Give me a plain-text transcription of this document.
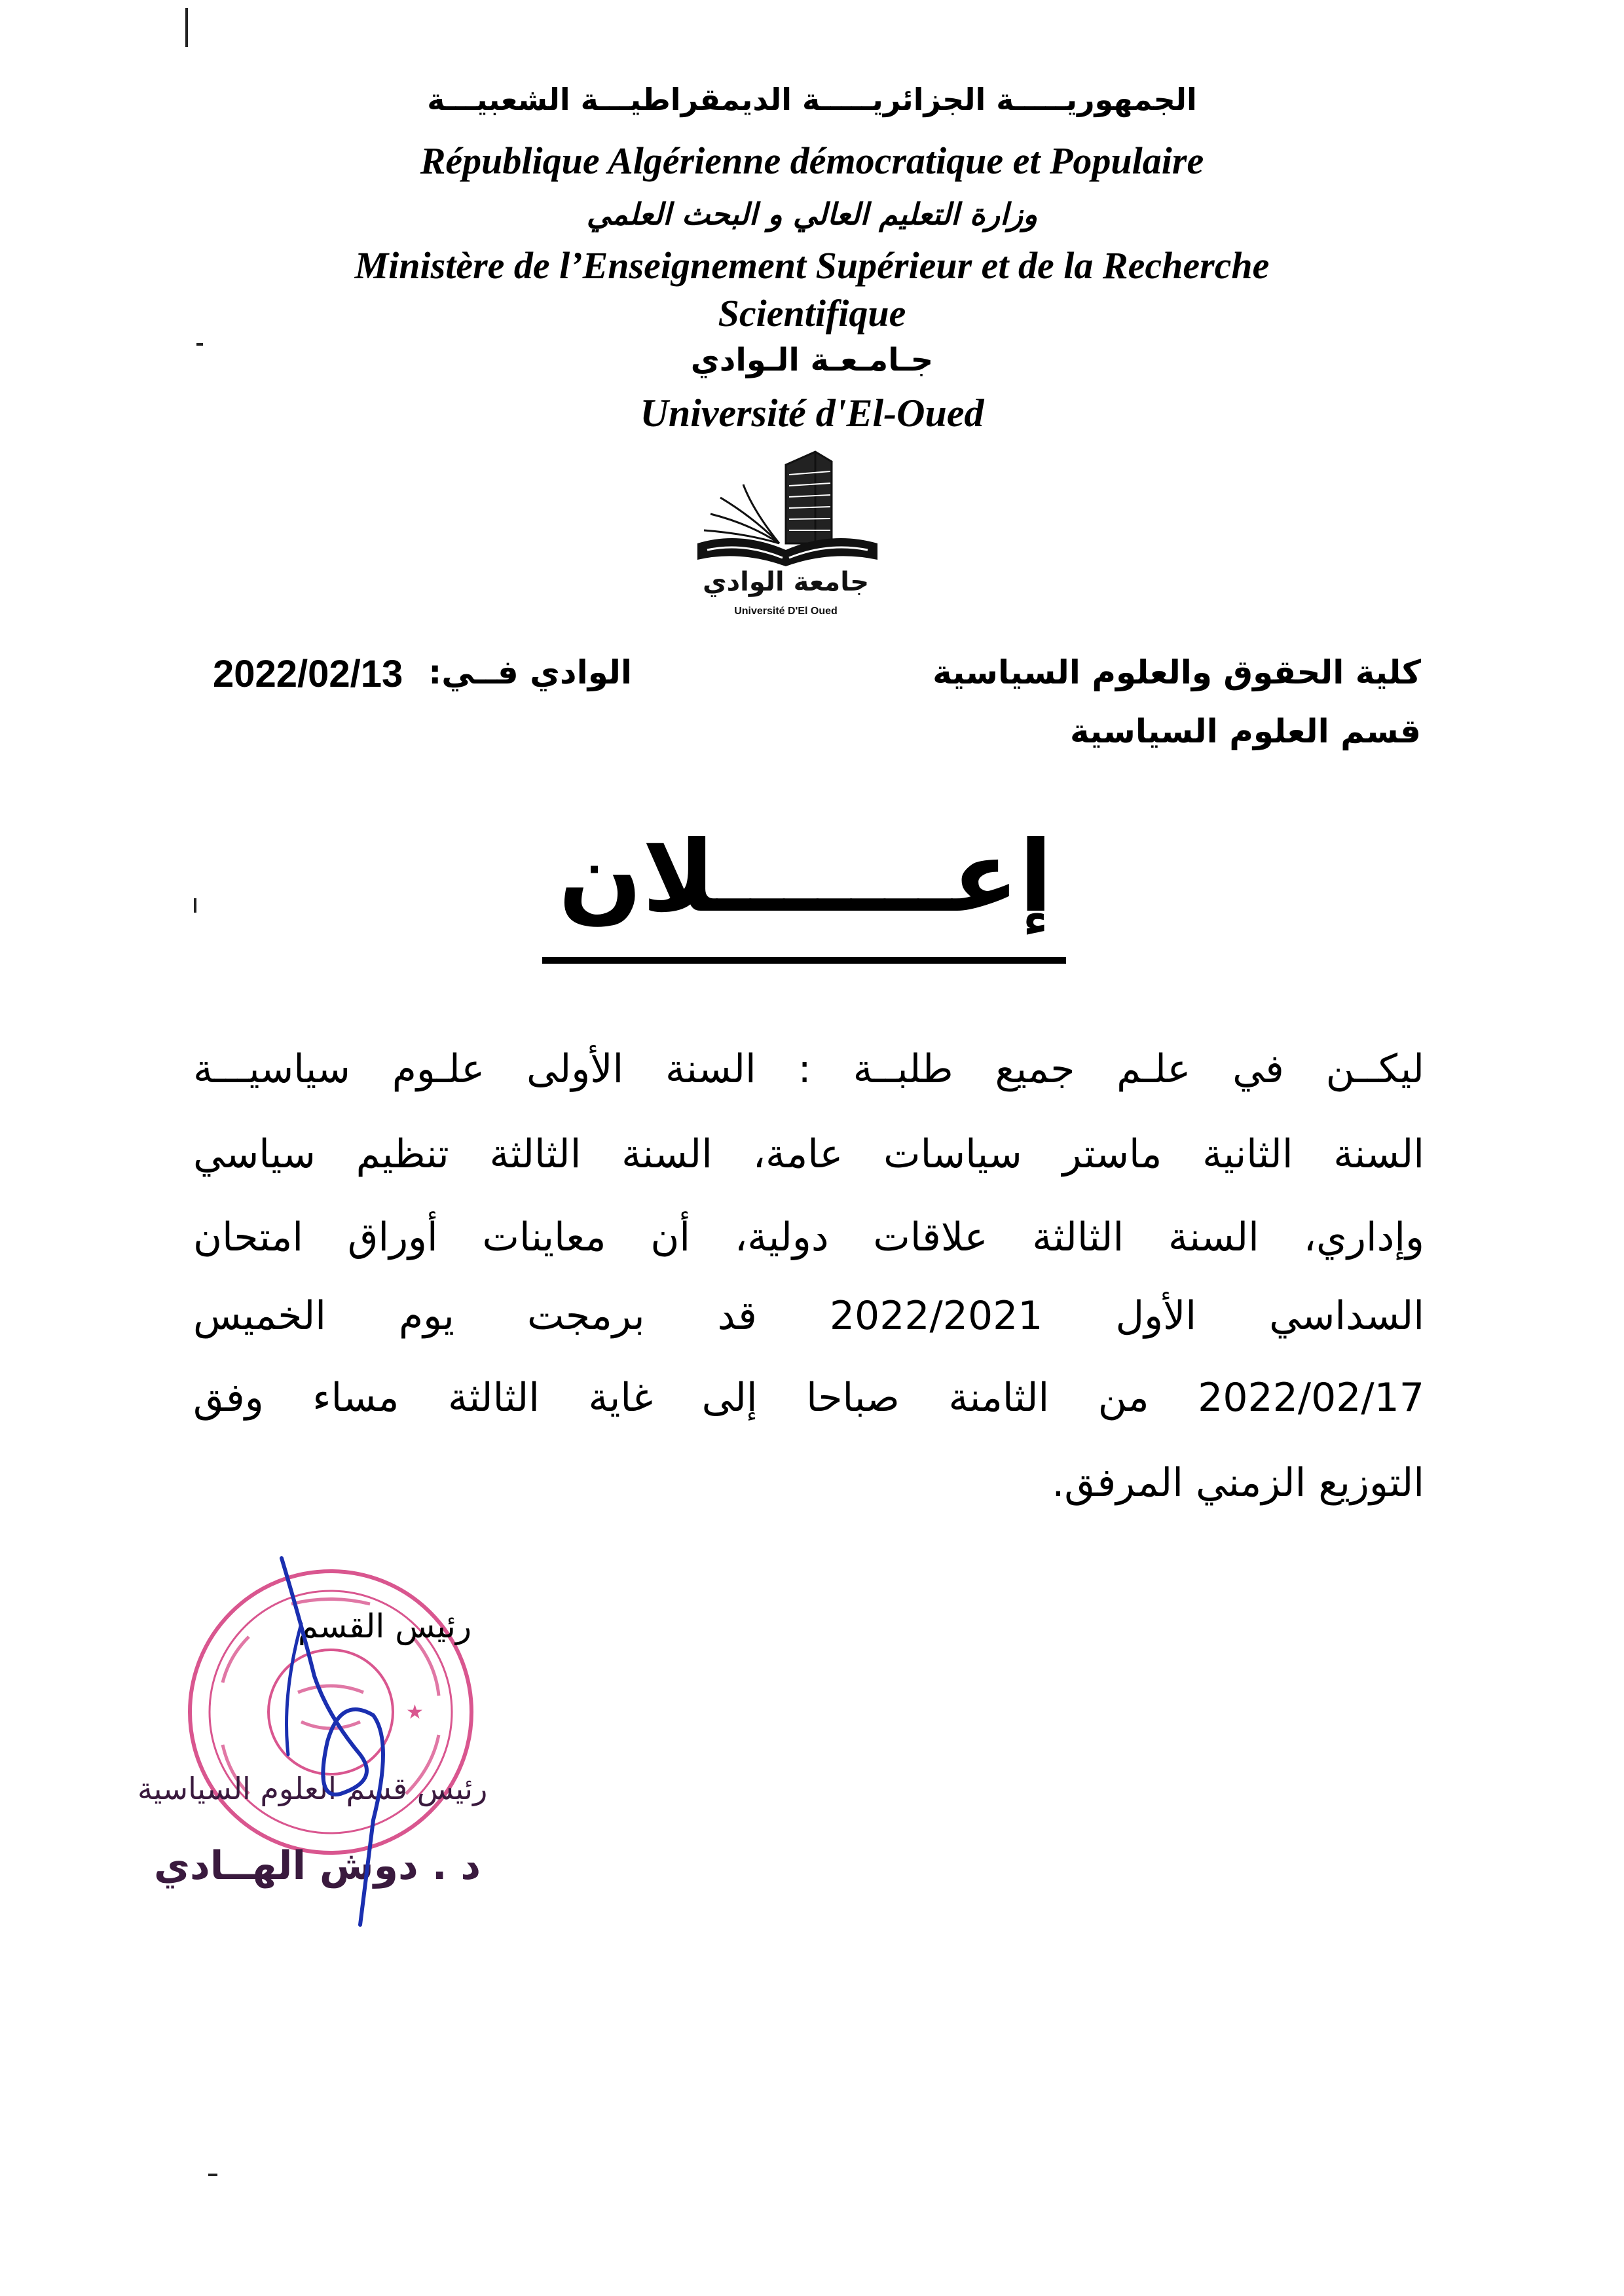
الجمهوريـــــة الجزائريـــــة الديمقراطيـــة الشعبيـــة
République Algérienne démocratique et Populaire
وزارة التعليم العالي و البحث العلمي
Ministère de l’Enseignement Supérieur et de la Recherche
Scientifique
جـامـعـة الـوادي
Université d'El-Oued
جامعة الوادي
Université D'El Oued
كلية الحقوق والعلوم السياسية
قسم العلوم السياسية
الوادي فــي:
2022/02/13
إعـــــــلان
ليكــن في علـم جميع طلبــة : السنة الأولى علـوم سياسيـــة
السنة الثانية ماستر سياسات عامة، السنة الثالثة تنظيم سياسي
وإداري، السنة الثالثة علاقات دولية، أن معاينات أوراق امتحان
السداسي الأول 2022/2021 قد برمجت يوم الخميس
2022/02/17 من الثامنة صباحا إلى غاية الثالثة مساء وفق
التوزيع الزمني المرفق.
★
رئيس القسم
رئيس قسم العلوم السياسية
د . دوش الهــادي
